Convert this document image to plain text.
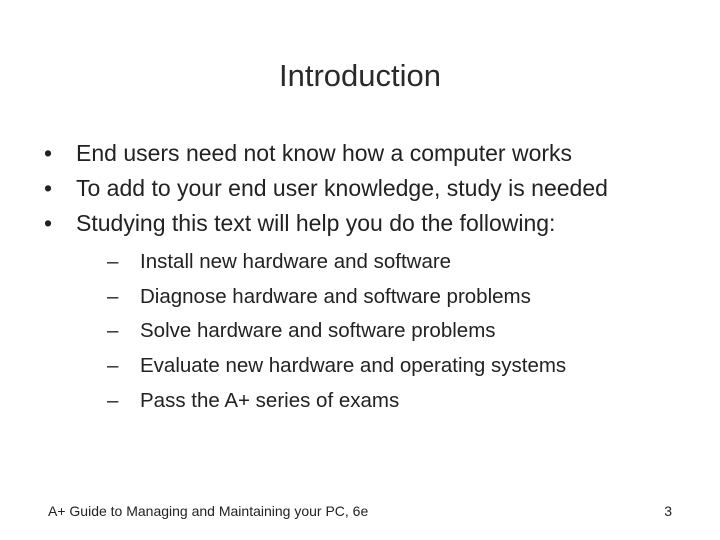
Introduction
•	End users need not know how a computer works
•	To add to your end user knowledge, study is needed
•	Studying this text will help you do the following:
– Install new hardware and software
– Diagnose hardware and software problems
– Solve hardware and software problems
– Evaluate new hardware and operating systems
– Pass the A+ series of exams
A+ Guide to Managing and Maintaining your PC, 6e	3
